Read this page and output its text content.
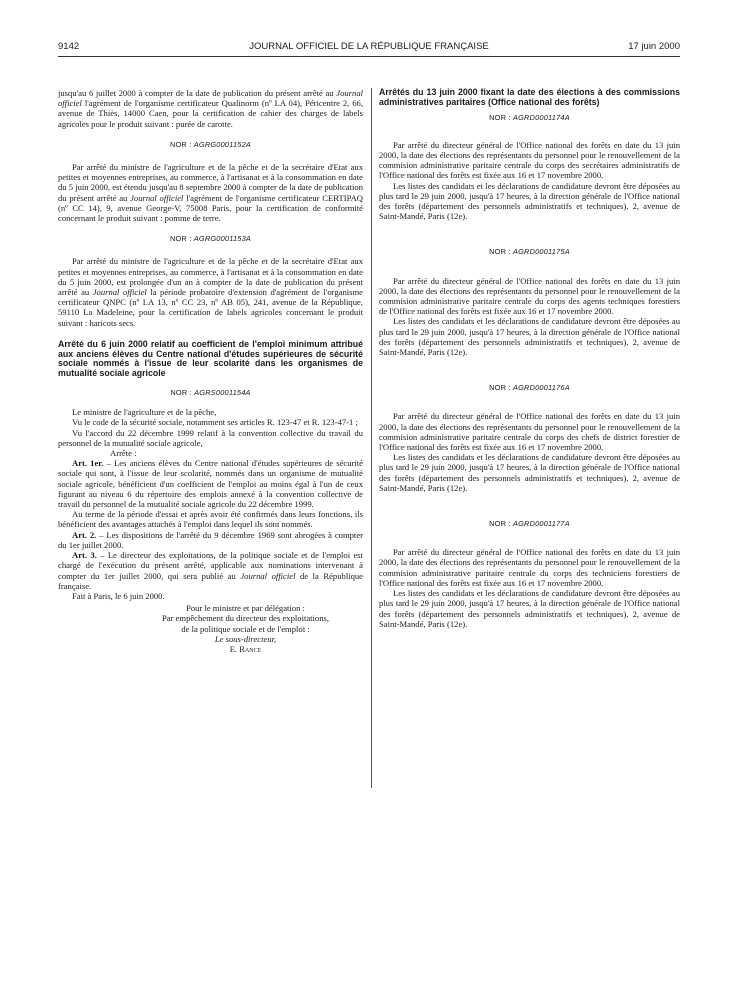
9142	JOURNAL OFFICIEL DE LA RÉPUBLIQUE FRANÇAISE	17 juin 2000

jusqu'au 6 juillet 2000 à compter de la date de publication du présent arrêté au Journal officiel l'agrément de l'organisme certificateur Qualinorm (nº LA 04), Péricentre 2, 66, avenue de Thiès, 14000 Caen, pour la certification de cahier des charges de labels agricoles pour le produit suivant : purée de carotte.

NOR : AGRG0001152A

Par arrêté du ministre de l'agriculture et de la pêche et de la secrétaire d'Etat aux petites et moyennes entreprises, au commerce, à l'artisanat et à la consommation en date du 5 juin 2000, est étendu jusqu'au 8 septembre 2000 à compter de la date de publication du présent arrêté au Journal officiel l'agrément de l'organisme certificateur CERTIPAQ (nº CC 14), 9, avenue George-V, 75008 Paris, pour la certification de conformité concernant le produit suivant : pomme de terre.

NOR : AGRG0001153A

Par arrêté du ministre de l'agriculture et de la pêche et de la secrétaire d'Etat aux petites et moyennes entreprises, au commerce, à l'artisanat et à la consommation en date du 5 juin 2000, est prolongée d'un an à compter de la date de publication du présent arrêté au Journal officiel la période probatoire d'extension d'agrément de l'organisme certificateur QNPC (nº LA 13, nº CC 23, nº AB 05), 241, avenue de la République, 59110 La Madeleine, pour la certification de labels agricoles concernant le produit suivant : haricots secs.

Arrêté du 6 juin 2000 relatif au coefficient de l'emploi minimum attribué aux anciens élèves du Centre national d'études supérieures de sécurité sociale nommés à l'issue de leur scolarité dans les organismes de mutualité sociale agricole

NOR : AGRS0001154A

Le ministre de l'agriculture et de la pêche,

Vu le code de la sécurité sociale, notamment ses articles R. 123-47 et R. 123-47-1 ;

Vu l'accord du 22 décembre 1999 relatif à la convention collective du travail du personnel de la mutualité sociale agricole,

Arrête :

Art. 1er. – Les anciens élèves du Centre national d'études supérieures de sécurité sociale qui sont, à l'issue de leur scolarité, nommés dans un organisme de mutualité sociale agricole, bénéficient d'un coefficient de l'emploi au moins égal à l'un de ceux figurant au niveau 6 du répertoire des emplois annexé à la convention collective de travail du personnel de la mutualité sociale agricole du 22 décembre 1999.

Au terme de la période d'essai et après avoir été confirmés dans leurs fonctions, ils bénéficient des avantages attachés à l'emploi dans lequel ils sont nommés.

Art. 2. – Les dispositions de l'arrêté du 9 décembre 1969 sont abrogées à compter du 1er juillet 2000.

Art. 3. – Le directeur des exploitations, de la politique sociale et de l'emploi est chargé de l'exécution du présent arrêté, applicable aux nominations intervenant à compter du 1er juillet 2000, qui sera publié au Journal officiel de la République française.

Fait à Paris, le 6 juin 2000.

Pour le ministre et par délégation :

Par empêchement du directeur des exploitations,

de la politique sociale et de l'emploi :

Le sous-directeur,

E. Rance

Arrêtés du 13 juin 2000 fixant la date des élections à des commissions administratives paritaires (Office national des forêts)

NOR : AGRD0001174A

Par arrêté du directeur général de l'Office national des forêts en date du 13 juin 2000, la date des élections des représentants du personnel pour le renouvellement de la commision administrative paritaire centrale du corps des secrétaires administratifs de l'Office national des forêts est fixée aux 16 et 17 novembre 2000.

Les listes des candidats et les déclarations de candidature devront être déposées au plus tard le 29 juin 2000, jusqu'à 17 heures, à la direction générale de l'Office national des forêts (département des personnels administratifs et techniques), 2, avenue de Saint-Mandé, Paris (12e).

NOR : AGRD0001175A

Par arrêté du directeur général de l'Office national des forêts en date du 13 juin 2000, la date des élections des représentants du personnel pour le renouvellement de la commision administrative paritaire centrale du corps des agents techniques forestiers de l'Office national des forêts est fixée aux 16 et 17 novembre 2000.

Les listes des candidats et les déclarations de candidature devront être déposées au plus tard le 29 juin 2000, jusqu'à 17 heures, à la direction générale de l'Office national des forêts (département des personnels administratifs et techniques), 2, avenue de Saint-Mandé, Paris (12e).

NOR : AGRD0001176A

Par arrêté du directeur général de l'Office national des forêts en date du 13 juin 2000, la date des élections des représentants du personnel pour le renouvellement de la commision administrative paritaire centrale du corps des chefs de district forestier de l'Office national des forêts est fixée aux 16 et 17 novembre 2000.

Les listes des candidats et les déclarations de candidature devront être déposées au plus tard le 29 juin 2000, jusqu'à 17 heures, à la direction générale de l'Office national des forêts (département des personnels administratifs et techniques), 2, avenue de Saint-Mandé, Paris (12e).

NOR : AGRD0001177A

Par arrêté du directeur général de l'Office national des forêts en date du 13 juin 2000, la date des élections des représentants du personnel pour le renouvellement de la commision administrative paritaire centrale du corps des techniciens forestiers de l'Office national des forêts est fixée aux 16 et 17 novembre 2000.

Les listes des candidats et les déclarations de candidature devront être déposées au plus tard le 29 juin 2000, jusqu'à 17 heures, à la direction générale de l'Office national des forêts (département des personnels administratifs et techniques), 2, avenue de Saint-Mandé, Paris (12e).
